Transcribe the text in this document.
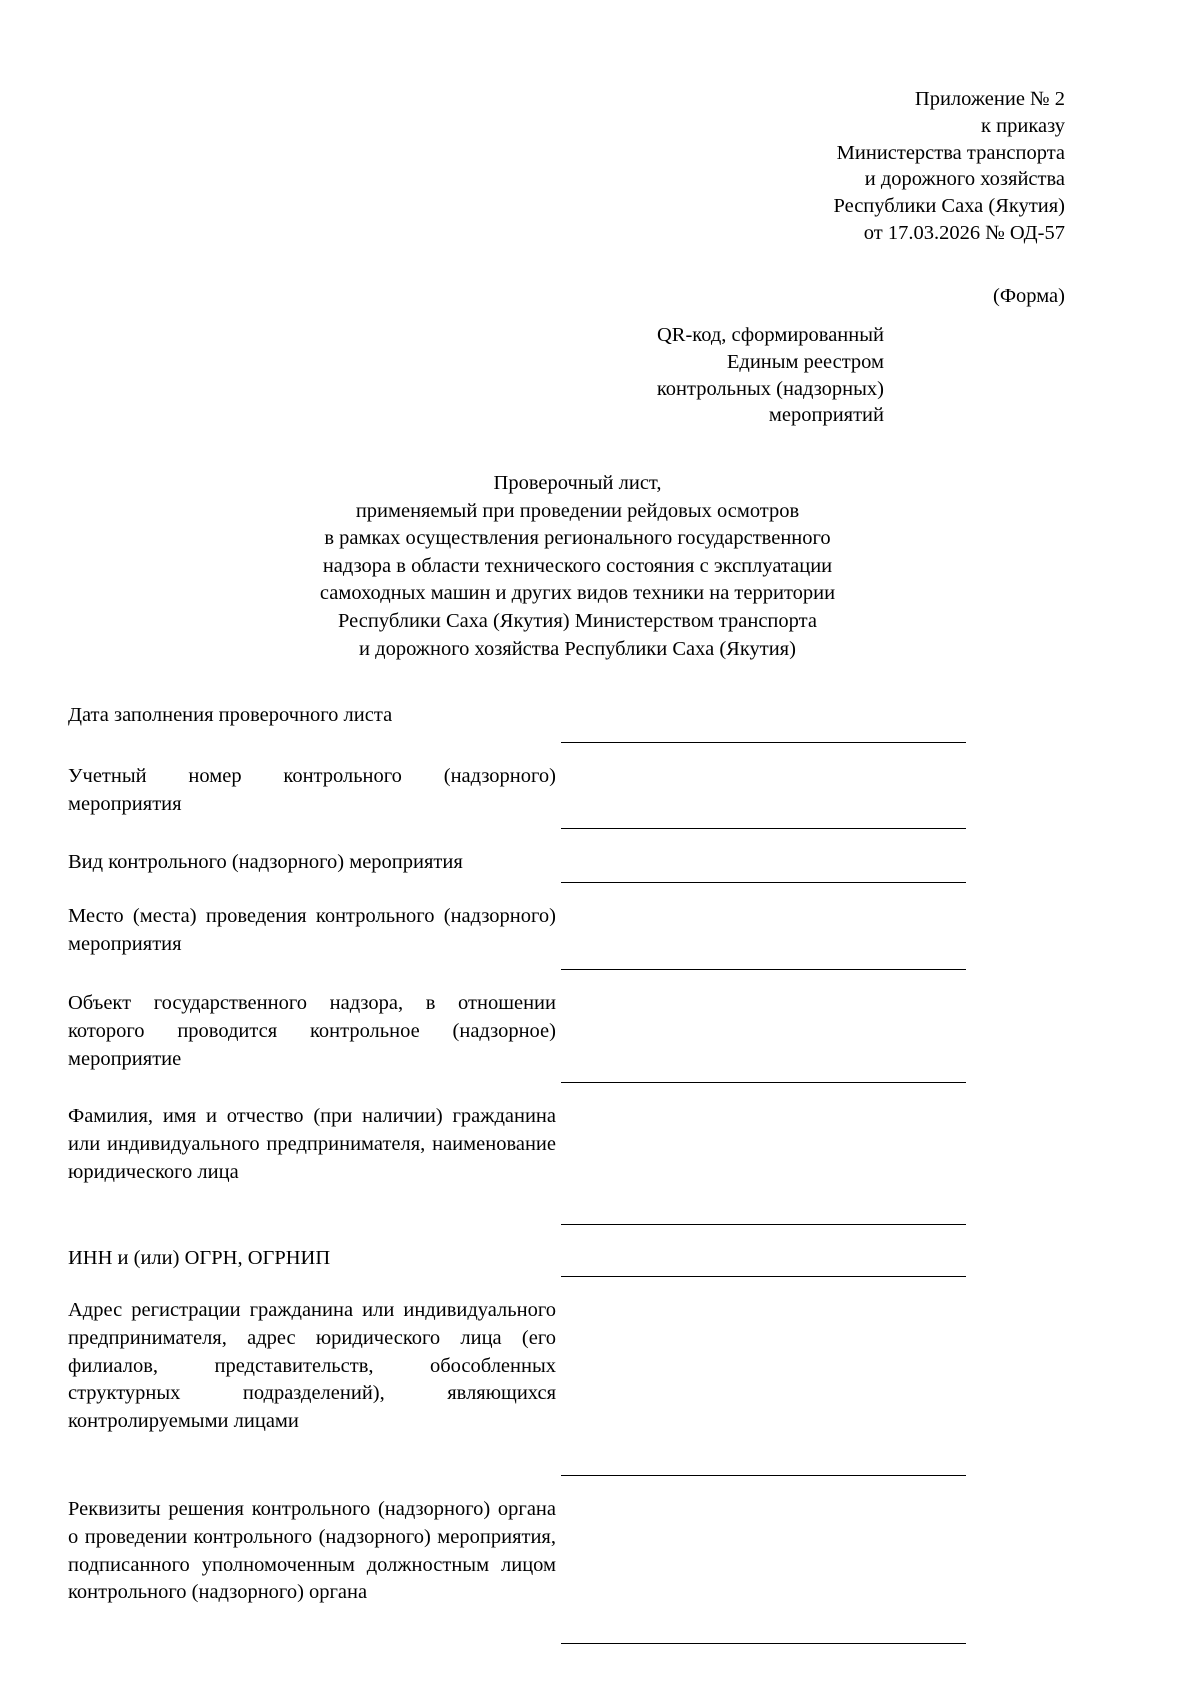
Приложение № 2
к приказу
Министерства транспорта
и дорожного хозяйства
Республики Саха (Якутия)
от 17.03.2026 № ОД-57
(Форма)
QR-код, сформированный
Единым реестром
контрольных (надзорных)
мероприятий
Проверочный лист,
применяемый при проведении рейдовых осмотров
в рамках осуществления регионального государственного
надзора в области технического состояния с эксплуатации
самоходных машин и других видов техники на территории
Республики Саха (Якутия) Министерством транспорта
и дорожного хозяйства Республики Саха (Якутия)
Дата заполнения проверочного листа
Учетный номер контрольного (надзорного) мероприятия
Вид контрольного (надзорного) мероприятия
Место (места) проведения контрольного (надзорного) мероприятия
Объект государственного надзора, в отношении которого проводится контрольное (надзорное) мероприятие
Фамилия, имя и отчество (при наличии) гражданина или индивидуального предпринимателя, наименование юридического лица
ИНН и (или) ОГРН, ОГРНИП
Адрес регистрации гражданина или индивидуального предпринимателя, адрес юридического лица (его филиалов, представительств, обособленных структурных подразделений), являющихся контролируемыми лицами
Реквизиты решения контрольного (надзорного) органа о проведении контрольного (надзорного) мероприятия, подписанного уполномоченным должностным лицом контрольного (надзорного) органа
